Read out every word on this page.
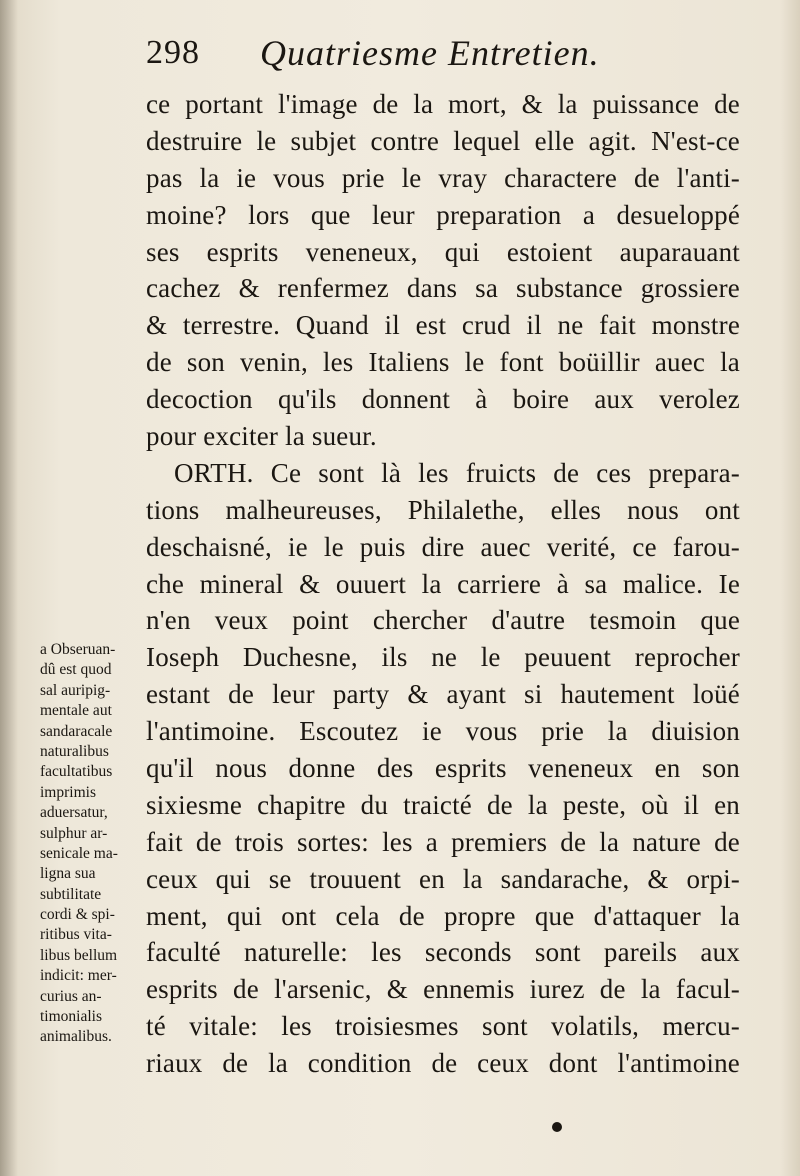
298 Quatriesme Entretien.
ce portant l'image de la mort, & la puissance de
destruire le subjet contre lequel elle agit. N'est-ce
pas la ie vous prie le vray charactere de l'anti-
moine? lors que leur preparation a desueloppé
ses esprits veneneux, qui estoient auparauant
cachez & renfermez dans sa substance grossiere
& terrestre. Quand il est crud il ne fait monstre
de son venin, les Italiens le font boüillir auec la
decoction qu'ils donnent à boire aux verolez
pour exciter la sueur.
ORTH. Ce sont là les fruicts de ces prepara-
tions malheureuses, Philalethe, elles nous ont
deschaisné, ie le puis dire auec verité, ce farou-
che mineral & ouuert la carriere à sa malice. Ie
n'en veux point chercher d'autre tesmoin que
Ioseph Duchesne, ils ne le peuuent reprocher
estant de leur party & ayant si hautement loüé
l'antimoine. Escoutez ie vous prie la diuision
qu'il nous donne des esprits veneneux en son
sixiesme chapitre du traicté de la peste, où il en
fait de trois sortes: les a premiers de la nature de
ceux qui se trouuent en la sandarache, & orpi-
ment, qui ont cela de propre que d'attaquer la
faculté naturelle: les seconds sont pareils aux
esprits de l'arsenic, & ennemis iurez de la facul-
té vitale: les troisiesmes sont volatils, mercu-
riaux de la condition de ceux dont l'antimoine
a Obseruan-
dû est quod
sal auripig-
mentale aut
sandaracale
naturalibus
facultatibus
imprimis
aduersatur,
sulphur ar-
senicale ma-
ligna sua
subtilitate
cordi & spi-
ritibus vita-
libus bellum
indicit: mer-
curius an-
timonialis
animalibus.
